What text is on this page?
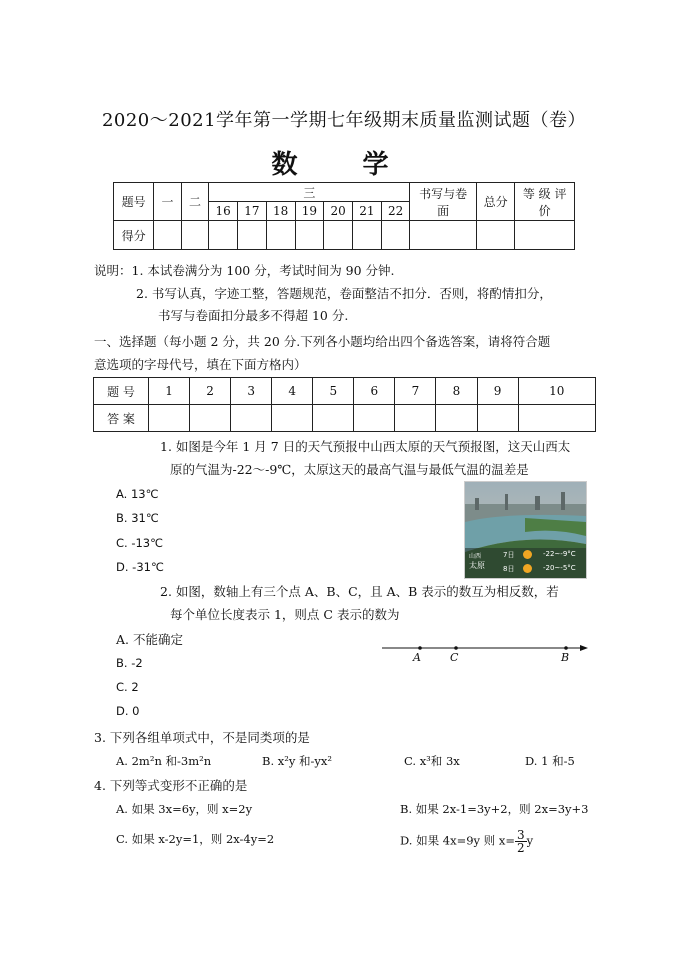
2020～2021学年第一学期七年级期末质量监测试题（卷）
数 学
题号	一	二	三							书写与卷面	总分	等 级 评 价
			16	17	18	19	20	21	22			
得分												
说明：1. 本试卷满分为 100 分，考试时间为 90 分钟.
2. 书写认真，字迹工整，答题规范，卷面整洁不扣分．否则，将酌情扣分，
书写与卷面扣分最多不得超 10 分.
一、选择题（每小题 2 分，共 20 分.下列各小题均给出四个备选答案，请将符合题
意选项的字母代号，填在下面方格内）
题 号	1	2	3	4	5	6	7	8	9	10
答 案										
1. 如图是今年 1 月 7 日的天气预报中山西太原的天气预报图，这天山西太
原的气温为-22～-9℃，太原这天的最高气温与最低气温的温差是
A. 13℃
B. 31℃
C. -13℃
D. -31℃
山西
太原
7日	-22~-9°C
8日	-20~-5°C
2. 如图，数轴上有三个点 A、B、C，且 A、B 表示的数互为相反数，若
每个单位长度表示 1，则点 C 表示的数为
A. 不能确定
B. -2
C. 2
D. 0
A	C	B
3. 下列各组单项式中，不是同类项的是
A. 2m²n 和-3m²n	B. x²y 和-yx²	C. x³和 3x	D. 1 和-5
4. 下列等式变形不正确的是
A. 如果 3x=6y，则 x=2y	B. 如果 2x-1=3y+2，则 2x=3y+3
C. 如果 x-2y=1，则 2x-4y=2	D. 如果 4x=9y 则 $x= \frac{3}{2}$ y
